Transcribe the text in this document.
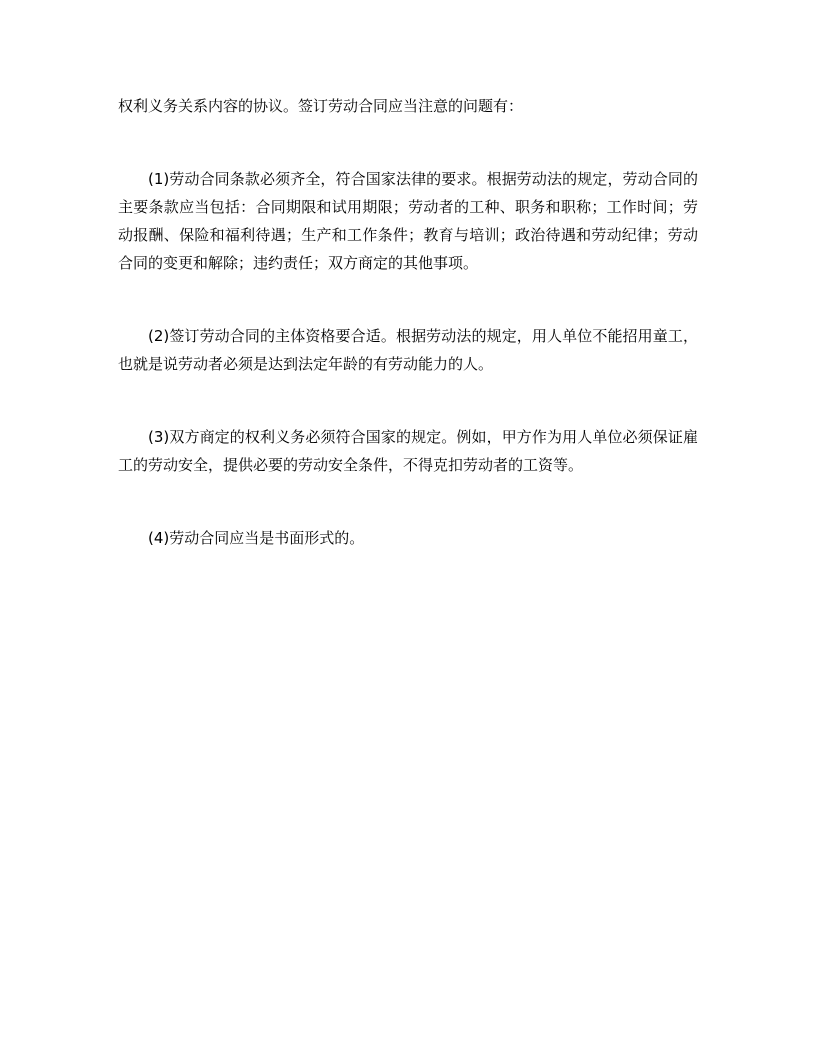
权利义务关系内容的协议。签订劳动合同应当注意的问题有：

(1)劳动合同条款必须齐全，符合国家法律的要求。根据劳动法的规定，劳动合同的主要条款应当包括：合同期限和试用期限；劳动者的工种、职务和职称；工作时间；劳动报酬、保险和福利待遇；生产和工作条件；教育与培训；政治待遇和劳动纪律；劳动合同的变更和解除；违约责任；双方商定的其他事项。

(2)签订劳动合同的主体资格要合适。根据劳动法的规定，用人单位不能招用童工，也就是说劳动者必须是达到法定年龄的有劳动能力的人。

(3)双方商定的权利义务必须符合国家的规定。例如，甲方作为用人单位必须保证雇工的劳动安全，提供必要的劳动安全条件，不得克扣劳动者的工资等。

(4)劳动合同应当是书面形式的。
